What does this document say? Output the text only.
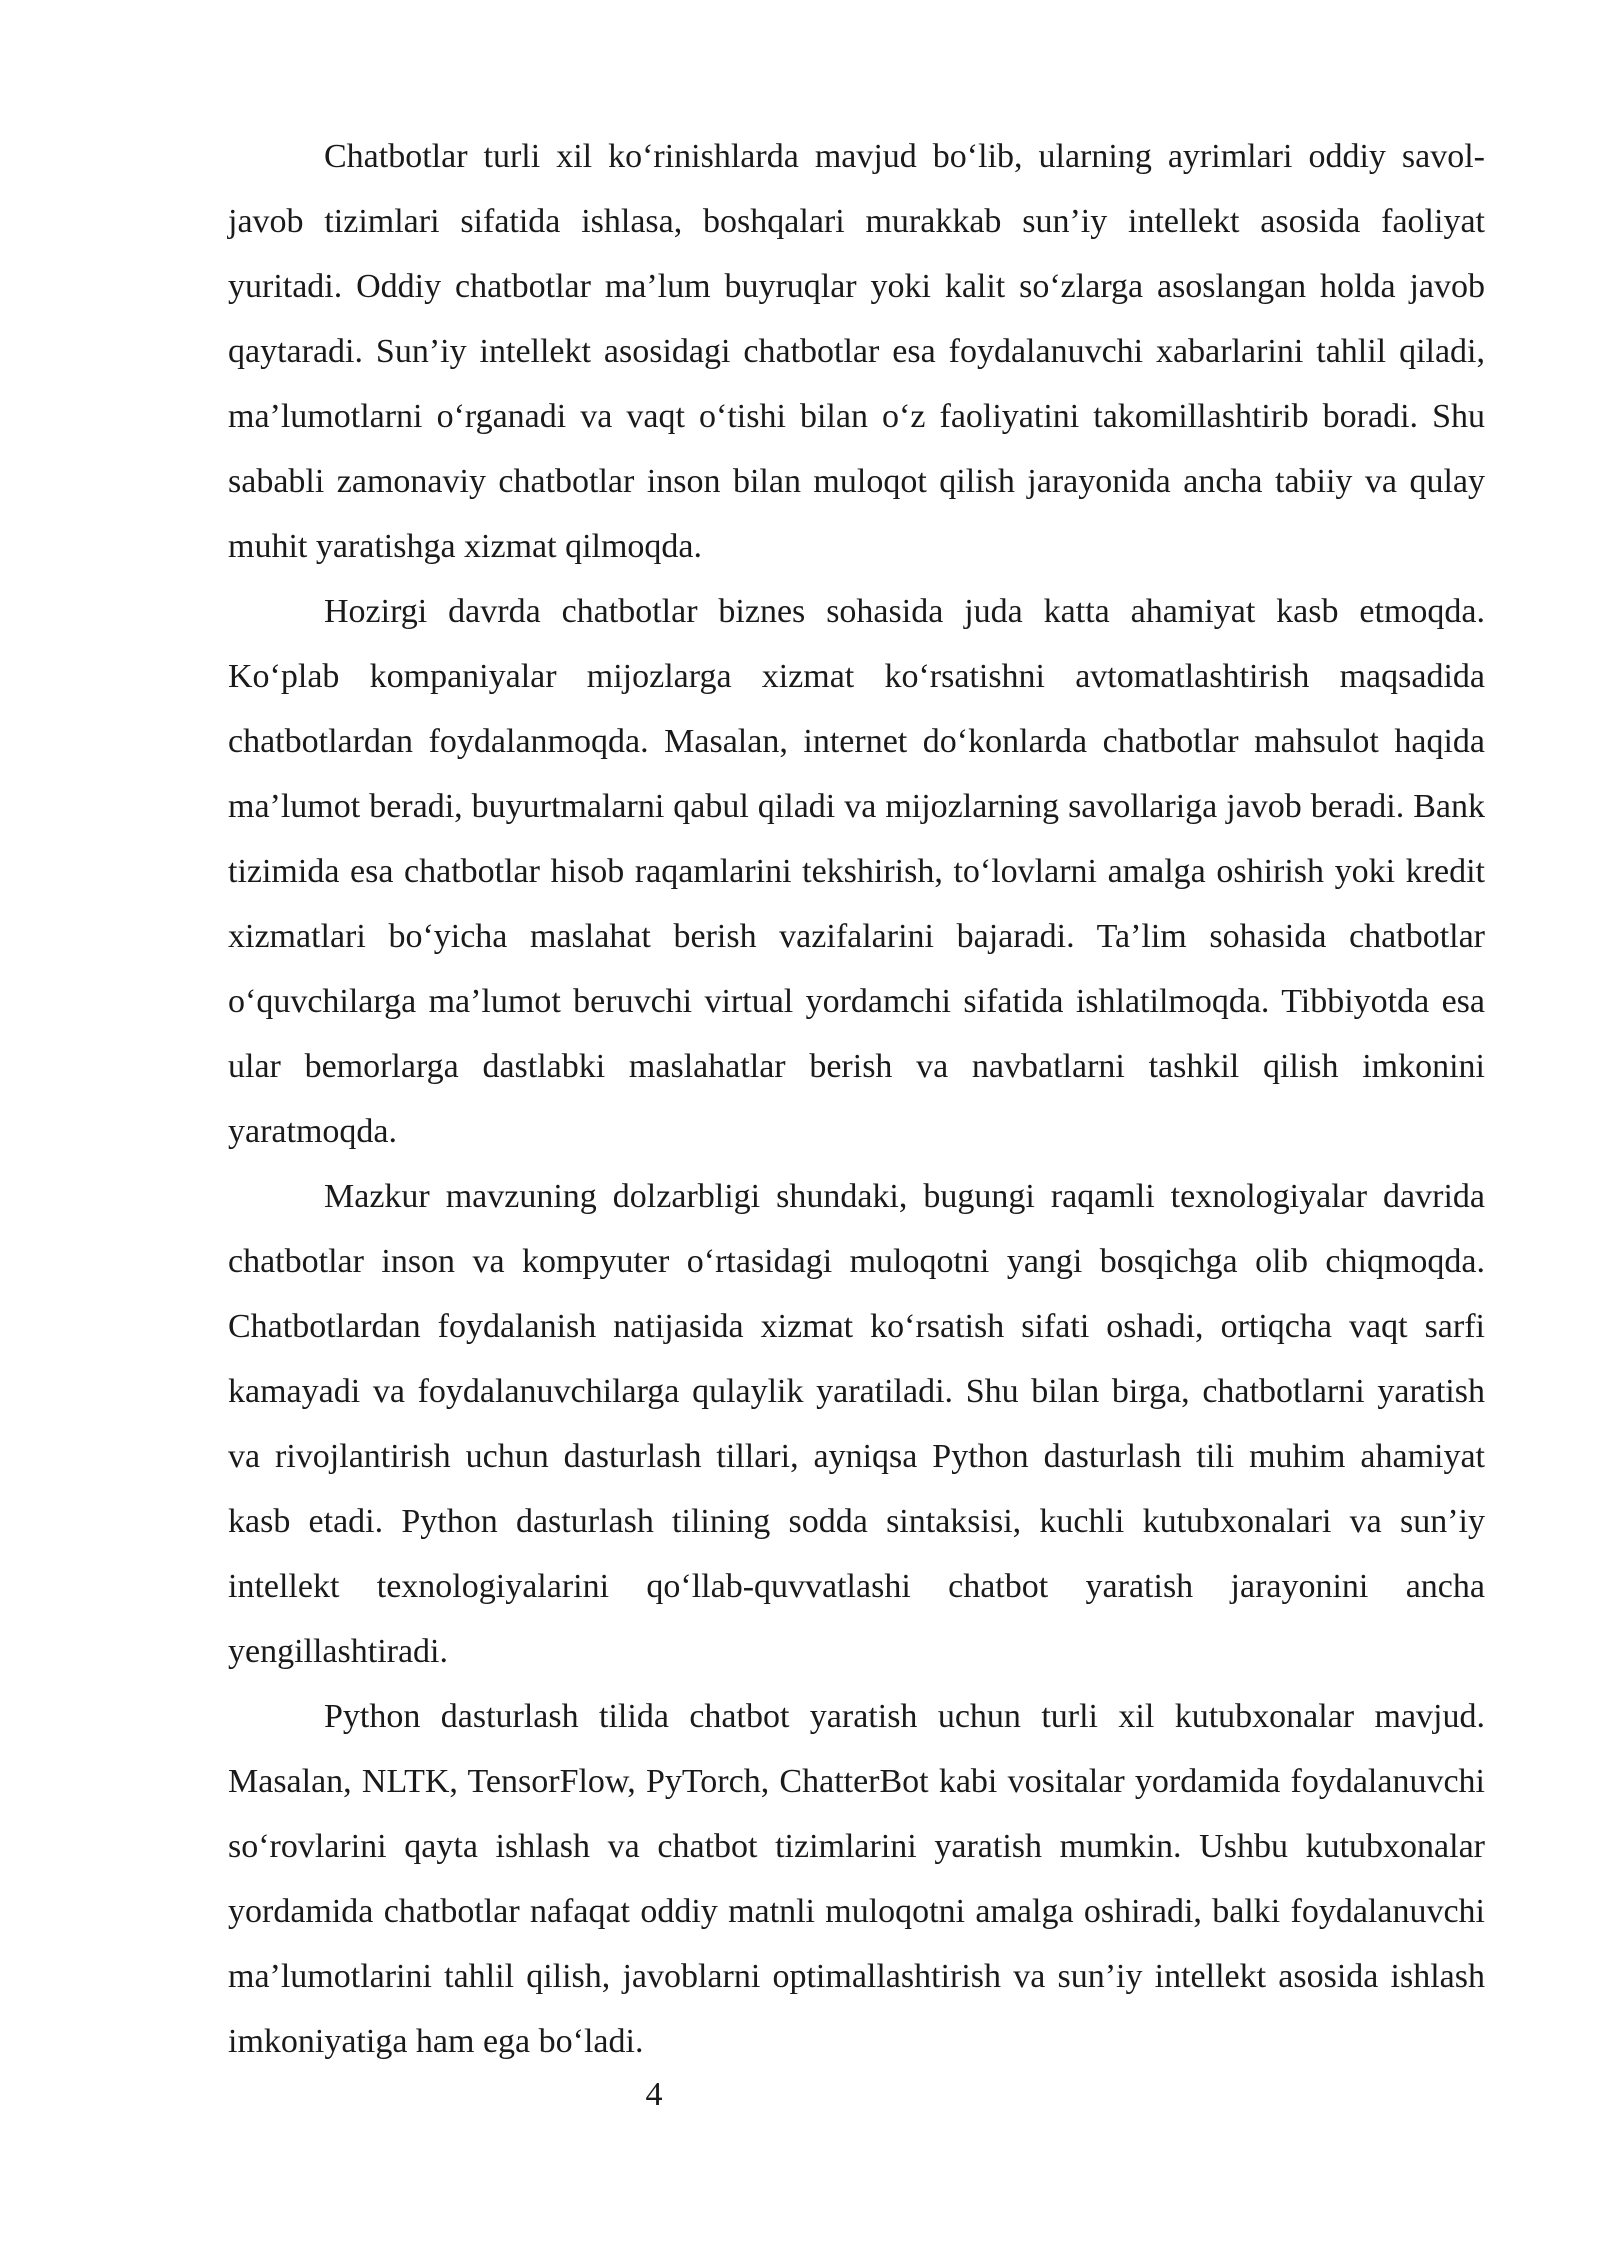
Chatbotlar turli xil ko‘rinishlarda mavjud bo‘lib, ularning ayrimlari oddiy savol-javob tizimlari sifatida ishlasa, boshqalari murakkab sun’iy intellekt asosida faoliyat yuritadi. Oddiy chatbotlar ma’lum buyruqlar yoki kalit so‘zlarga asoslangan holda javob qaytaradi. Sun’iy intellekt asosidagi chatbotlar esa foydalanuvchi xabarlarini tahlil qiladi, ma’lumotlarni o‘rganadi va vaqt o‘tishi bilan o‘z faoliyatini takomillashtirib boradi. Shu sababli zamonaviy chatbotlar inson bilan muloqot qilish jarayonida ancha tabiiy va qulay muhit yaratishga xizmat qilmoqda.

Hozirgi davrda chatbotlar biznes sohasida juda katta ahamiyat kasb etmoqda. Ko‘plab kompaniyalar mijozlarga xizmat ko‘rsatishni avtomatlashtirish maqsadida chatbotlardan foydalanmoqda. Masalan, internet do‘konlarda chatbotlar mahsulot haqida ma’lumot beradi, buyurtmalarni qabul qiladi va mijozlarning savollariga javob beradi. Bank tizimida esa chatbotlar hisob raqamlarini tekshirish, to‘lovlarni amalga oshirish yoki kredit xizmatlari bo‘yicha maslahat berish vazifalarini bajaradi. Ta’lim sohasida chatbotlar o‘quvchilarga ma’lumot beruvchi virtual yordamchi sifatida ishlatilmoqda. Tibbiyotda esa ular bemorlarga dastlabki maslahatlar berish va navbatlarni tashkil qilish imkonini yaratmoqda.

Mazkur mavzuning dolzarbligi shundaki, bugungi raqamli texnologiyalar davrida chatbotlar inson va kompyuter o‘rtasidagi muloqotni yangi bosqichga olib chiqmoqda. Chatbotlardan foydalanish natijasida xizmat ko‘rsatish sifati oshadi, ortiqcha vaqt sarfi kamayadi va foydalanuvchilarga qulaylik yaratiladi. Shu bilan birga, chatbotlarni yaratish va rivojlantirish uchun dasturlash tillari, ayniqsa Python dasturlash tili muhim ahamiyat kasb etadi. Python dasturlash tilining sodda sintaksisi, kuchli kutubxonalari va sun’iy intellekt texnologiyalarini qo‘llab-quvvatlashi chatbot yaratish jarayonini ancha yengillashtiradi.

Python dasturlash tilida chatbot yaratish uchun turli xil kutubxonalar mavjud. Masalan, NLTK, TensorFlow, PyTorch, ChatterBot kabi vositalar yordamida foydalanuvchi so‘rovlarini qayta ishlash va chatbot tizimlarini yaratish mumkin. Ushbu kutubxonalar yordamida chatbotlar nafaqat oddiy matnli muloqotni amalga oshiradi, balki foydalanuvchi ma’lumotlarini tahlil qilish, javoblarni optimallashtirish va sun’iy intellekt asosida ishlash imkoniyatiga ham ega bo‘ladi.

4
